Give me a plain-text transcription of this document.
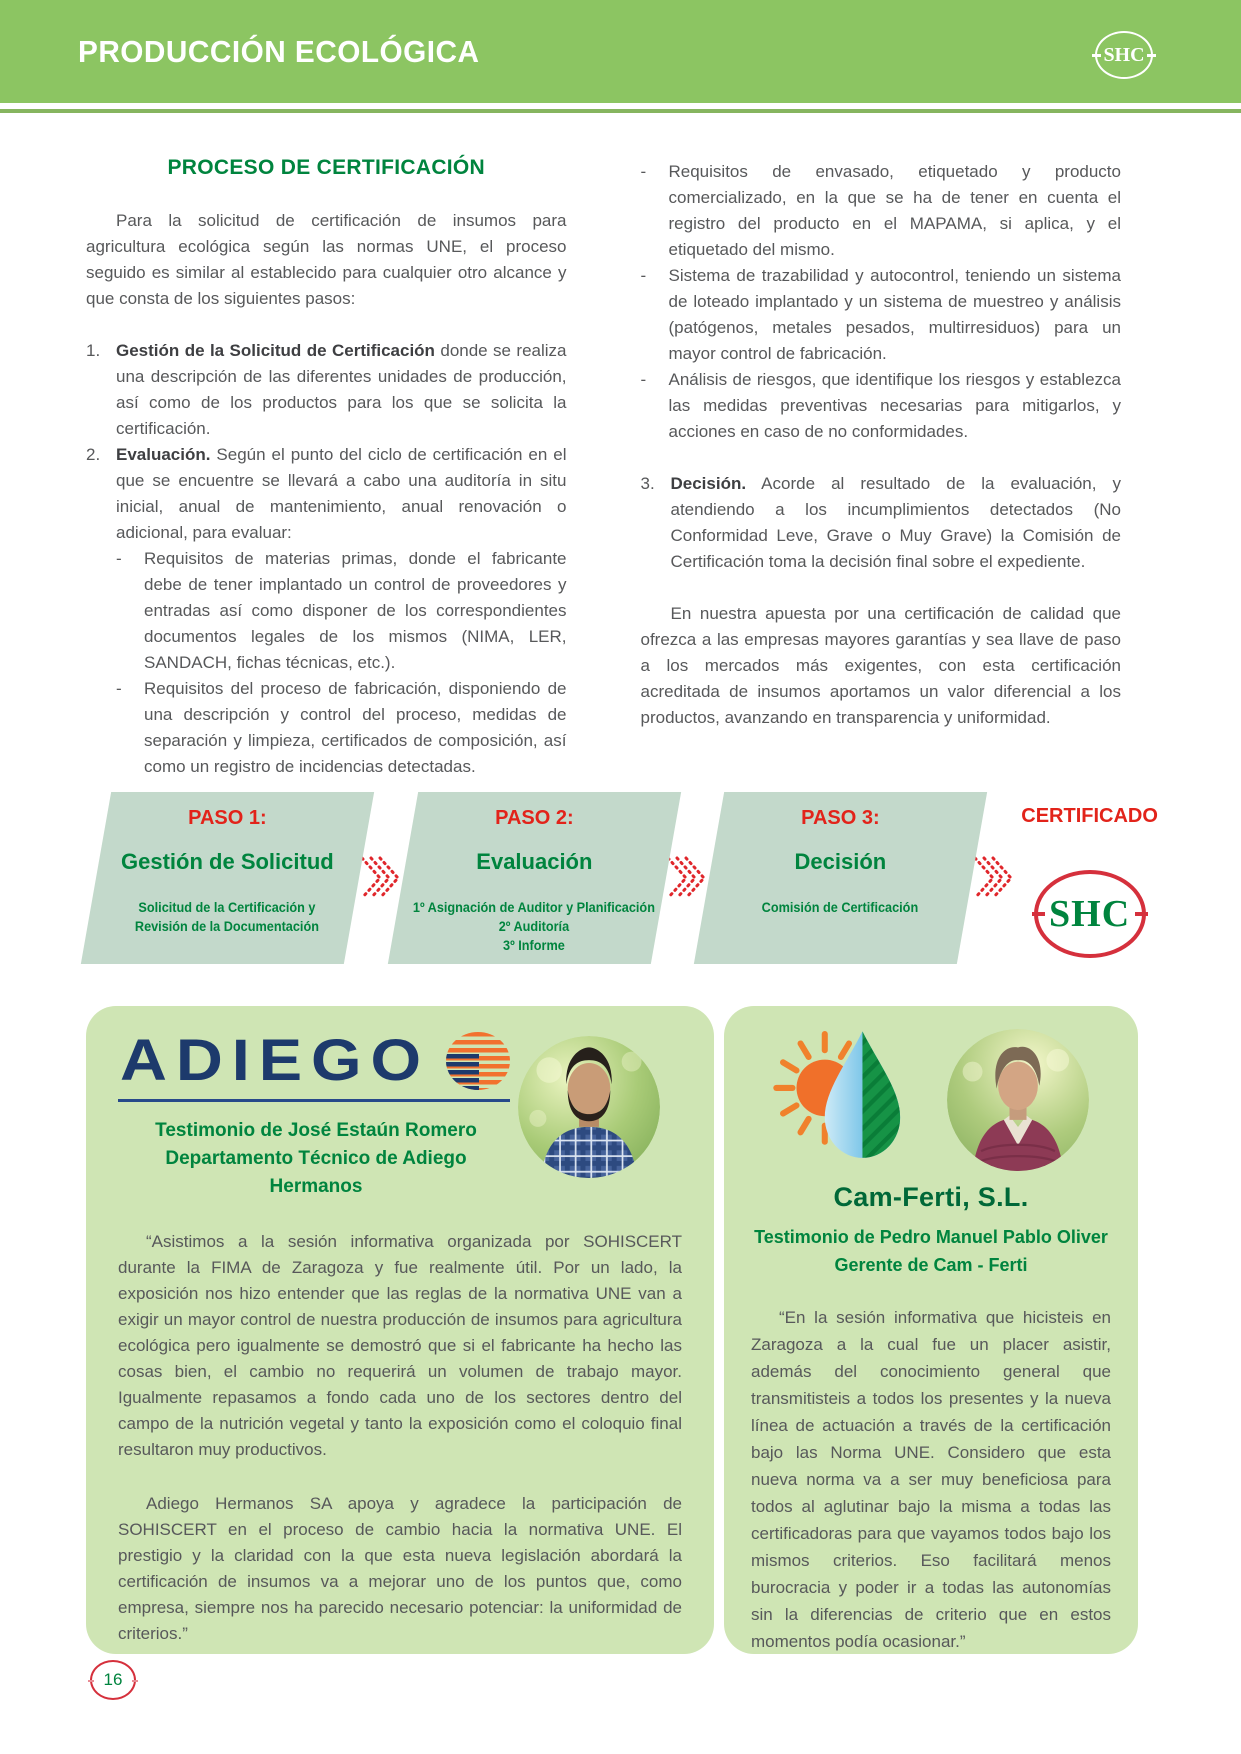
PRODUCCIÓN ECOLÓGICA	SHC
PROCESO DE CERTIFICACIÓN

Para la solicitud de certificación de insumos para agricultura ecológica según las normas UNE, el proceso seguido es similar al establecido para cualquier otro alcance y que consta de los siguientes pasos:

1. Gestión de la Solicitud de Certificación donde se realiza una descripción de las diferentes unidades de producción, así como de los productos para los que se solicita la certificación.
2. Evaluación. Según el punto del ciclo de certificación en el que se encuentre se llevará a cabo una auditoría in situ inicial, anual de mantenimiento, anual renovación o adicional, para evaluar:
-	Requisitos de materias primas, donde el fabricante debe de tener implantado un control de proveedores y entradas así como disponer de los correspondientes documentos legales de los mismos (NIMA, LER, SANDACH, fichas técnicas, etc.).
-	Requisitos del proceso de fabricación, disponiendo de una descripción y control del proceso, medidas de separación y limpieza, certificados de composición, así como un registro de incidencias detectadas.
-	Requisitos de envasado, etiquetado y producto comercializado, en la que se ha de tener en cuenta el registro del producto en el MAPAMA, si aplica, y el etiquetado del mismo.
-	Sistema de trazabilidad y autocontrol, teniendo un sistema de loteado implantado y un sistema de muestreo y análisis (patógenos, metales pesados, multirresiduos) para un mayor control de fabricación.
-	Análisis de riesgos, que identifique los riesgos y establezca las medidas preventivas necesarias para mitigarlos, y acciones en caso de no conformidades.
3. Decisión. Acorde al resultado de la evaluación, y atendiendo a los incumplimientos detectados (No Conformidad Leve, Grave o Muy Grave) la Comisión de Certificación toma la decisión final sobre el expediente.

En nuestra apuesta por una certificación de calidad que ofrezca a las empresas mayores garantías y sea llave de paso a los mercados más exigentes, con esta certificación acreditada de insumos aportamos un valor diferencial a los productos, avanzando en transparencia y uniformidad.

PASO 1:
Gestión de Solicitud
Solicitud de la Certificación y
Revisión de la Documentación
PASO 2:
Evaluación
1º Asignación de Auditor y Planificación
2º Auditoría
3º Informe
PASO 3:
Decisión
Comisión de Certificación
CERTIFICADO
SHC
ADIEGO
Testimonio de José Estaún Romero
Departamento Técnico de Adiego Hermanos

“Asistimos a la sesión informativa organizada por SOHISCERT durante la FIMA de Zaragoza y fue realmente útil. Por un lado, la exposición nos hizo entender que las reglas de la normativa UNE van a exigir un mayor control de nuestra producción de insumos para agricultura ecológica pero igualmente se demostró que si el fabricante ha hecho las cosas bien, el cambio no requerirá un volumen de trabajo mayor. Igualmente repasamos a fondo cada uno de los sectores dentro del campo de la nutrición vegetal y tanto la exposición como el coloquio final resultaron muy productivos.

Adiego Hermanos SA apoya y agradece la participación de SOHISCERT en el proceso de cambio hacia la normativa UNE. El prestigio y la claridad con la que esta nueva legislación abordará la certificación de insumos va a mejorar uno de los puntos que, como empresa, siempre nos ha parecido necesario potenciar: la uniformidad de criterios.”

Cam-Ferti, S.L.
Testimonio de Pedro Manuel Pablo Oliver
Gerente de Cam - Ferti

“En la sesión informativa que hicisteis en Zaragoza a la cual fue un placer asistir, además del conocimiento general que transmitisteis a todos los presentes y la nueva línea de actuación a través de la certificación bajo las Norma UNE. Considero que esta nueva norma va a ser muy beneficiosa para todos al aglutinar bajo la misma a todas las certificadoras para que vayamos todos bajo los mismos criterios. Eso facilitará menos burocracia y poder ir a todas las autonomías sin la diferencias de criterio que en estos momentos podía ocasionar.”

16
